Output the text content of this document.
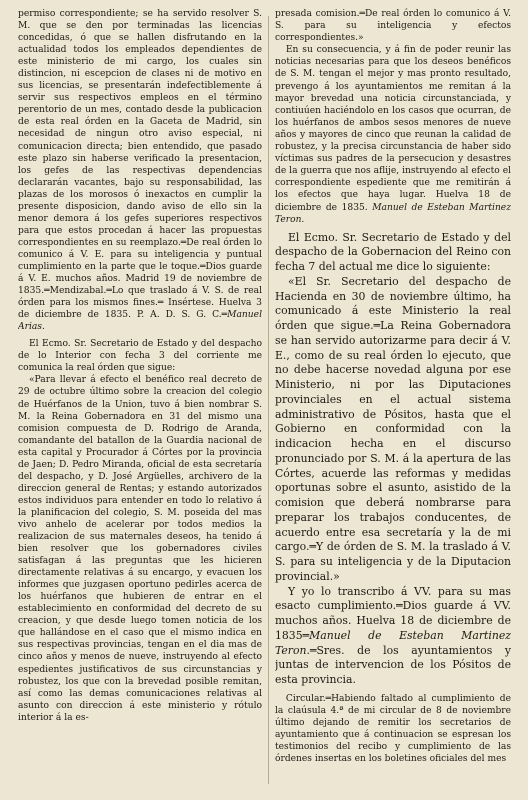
permiso correspondiente; se ha servido resolver S. M. que se den por terminadas las licencias concedidas, ó que se hallen disfrutando en la actualidad todos los empleados dependientes de este ministerio de mi cargo, los cuales sin distincion, ni escepcion de clases ni de motivo en sus licencias, se presentarán indefectiblemente á servir sus respectivos empleos en el término perentorio de un mes, contado desde la publicacion de esta real órden en la Gaceta de Madrid, sin necesidad de ningun otro aviso especial, ni comunicacion directa; bien entendido, que pasado este plazo sin haberse verificado la presentacion, los gefes de las respectivas dependencias declararán vacantes, bajo su responsabilidad, las plazas de los morosos ó inexactos en cumplir la presente disposicion, dando aviso de ello sin la menor demora á los gefes superiores respectivos para que estos procedan á hacer las propuestas correspondientes en su reemplazo.═De real órden lo comunico á V. E. para su inteligencia y puntual cumplimiento en la parte que le toque.═Dios guarde á V. E. muchos años. Madrid 19 de noviembre de 1835.═Mendizabal.═Lo que traslado á V. S. de real órden para los mismos fines.═ Insértese. Huelva 3 de diciembre de 1835. P. A. D. S. G. C.═Manuel Arias.

El Ecmo. Sr. Secretario de Estado y del despacho de lo Interior con fecha 3 del corriente me comunica la real órden que sigue:

«Para llevar á efecto el benéfico real decreto de 29 de octubre último sobre la creacion del colegio de Huérfanos de la Union, tuvo á bien nombrar S. M. la Reina Gobernadora en 31 del mismo una comision compuesta de D. Rodrigo de Aranda, comandante del batallon de la Guardia nacional de esta capital y Procurador á Córtes por la provincia de Jaen; D. Pedro Miranda, oficial de esta secretaría del despacho, y D. José Argüelles, archivero de la direccion general de Rentas; y estando autorizados estos individuos para entender en todo lo relativo á la planificacion del colegio, S. M. poseida del mas vivo anhelo de acelerar por todos medios la realizacion de sus maternales deseos, ha tenido á bien resolver que los gobernadores civiles satisfagan á las preguntas que les hicieren directamente relativas á su encargo, y evacuen los informes que juzgasen oportuno pedirles acerca de los huérfanos que hubieren de entrar en el establecimiento en conformidad del decreto de su creacion, y que desde luego tomen noticia de los que hallándose en el caso que el mismo indica en sus respectivas provincias, tengan en el dia mas de cinco años y menos de nueve, instruyendo al efecto espedientes justificativos de sus circunstancias y robustez, los que con la brevedad posible remitan, así como las demas comunicaciones relativas al asunto con direccion á este ministerio y rótulo interior á la es-

presada comision.═De real órden lo comunico á V. S. para su inteligencia y efectos correspondientes.»

En su consecuencia, y á fin de poder reunir las noticias necesarias para que los deseos benéficos de S. M. tengan el mejor y mas pronto resultado, prevengo á los ayuntamientos me remitan á la mayor brevedad una noticia circunstanciada, y contiuúen haciéndolo en los casos que ocurran, de los huérfanos de ambos sesos menores de nueve años y mayores de cinco que reunan la calidad de robustez, y la precisa circunstancia de haber sido víctimas sus padres de la persecucion y desastres de la guerra que nos aflije, instruyendo al efecto el correspondiente espediente que me remitirán á los efectos que haya lugar. Huelva 18 de diciembre de 1835. Manuel de Esteban Martinez Teron.

El Ecmo. Sr. Secretario de Estado y del despacho de la Gobernacion del Reino con fecha 7 del actual me dice lo siguiente:

«El Sr. Secretario del despacho de Hacienda en 30 de noviembre último, ha comunicado á este Ministerio la real órden que sigue.═La Reina Gobernadora se han servido autorizarme para decir á V. E., como de su real órden lo ejecuto, que no debe hacerse novedad alguna por ese Ministerio, ni por las Diputaciones provinciales en el actual sistema administrativo de Pósitos, hasta que el Gobierno en conformidad con la indicacion hecha en el discurso pronunciado por S. M. á la apertura de las Córtes, acuerde las reformas y medidas oportunas sobre el asunto, asistido de la comision que deberá nombrarse para preparar los trabajos conducentes, de acuerdo entre esa secretaría y la de mi cargo.═Y de órden de S. M. la traslado á V. S. para su inteligencia y de la Diputacion provincial.»

Y yo lo transcribo á VV. para su mas esacto cumplimiento.═Dios guarde á VV. muchos años. Huelva 18 de diciembre de 1835═Manuel de Esteban Martinez Teron.═Sres. de los ayuntamientos y juntas de intervencion de los Pósitos de esta provincia.

Circular.═Habiendo faltado al cumplimiento de la claúsula 4.ª de mi circular de 8 de noviembre último dejando de remitir los secretarios de ayuntamiento que á continuacion se espresan los testimonios del recibo y cumplimiento de las órdenes insertas en los boletines oficiales del mes
